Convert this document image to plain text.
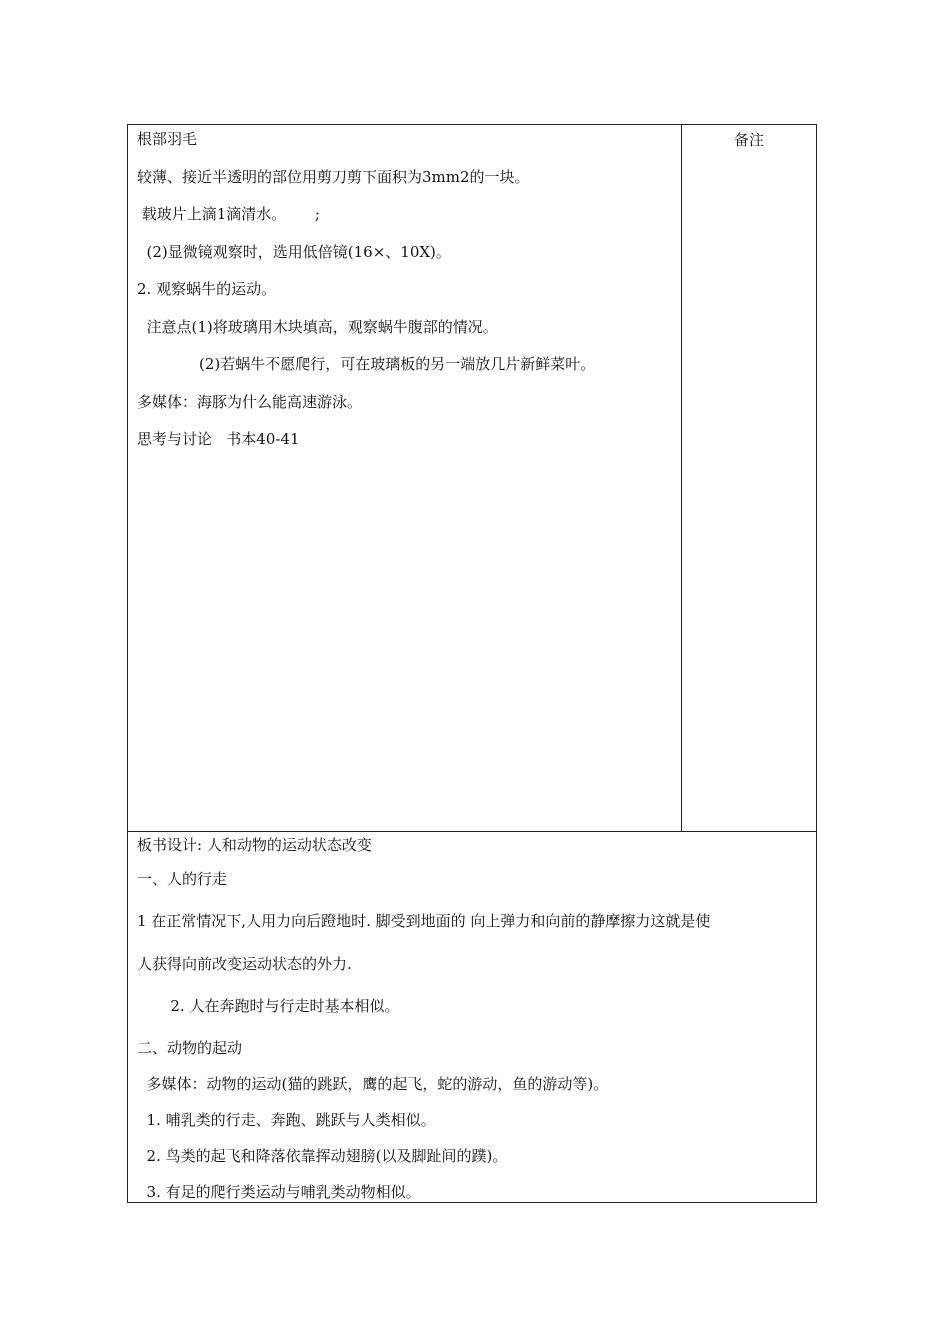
根部羽毛
较薄、接近半透明的部位用剪刀剪下面积为3mm2的一块。
载玻片上滴1滴清水。      ;
(2)显微镜观察时，选用低倍镜(16×、10X)。
2. 观察蜗牛的运动。
注意点(1)将玻璃用木块填高，观察蜗牛腹部的情况。
(2)若蜗牛不愿爬行，可在玻璃板的另一端放几片新鲜菜叶。
多媒体：海豚为什么能高速游泳。
思考与讨论   书本40-41

备注

板书设计: 人和动物的运动状态改变
一、人的行走
1 在正常情况下,人用力向后蹬地时. 脚受到地面的 向上弹力和向前的静摩擦力这就是使
人获得向前改变运动状态的外力.
2. 人在奔跑时与行走时基本相似。
二、动物的起动
多媒体：动物的运动(猫的跳跃，鹰的起飞，蛇的游动，鱼的游动等)。
1. 哺乳类的行走、奔跑、跳跃与人类相似。
2. 鸟类的起飞和降落依靠挥动翅膀(以及脚趾间的蹼)。
3. 有足的爬行类运动与哺乳类动物相似。
